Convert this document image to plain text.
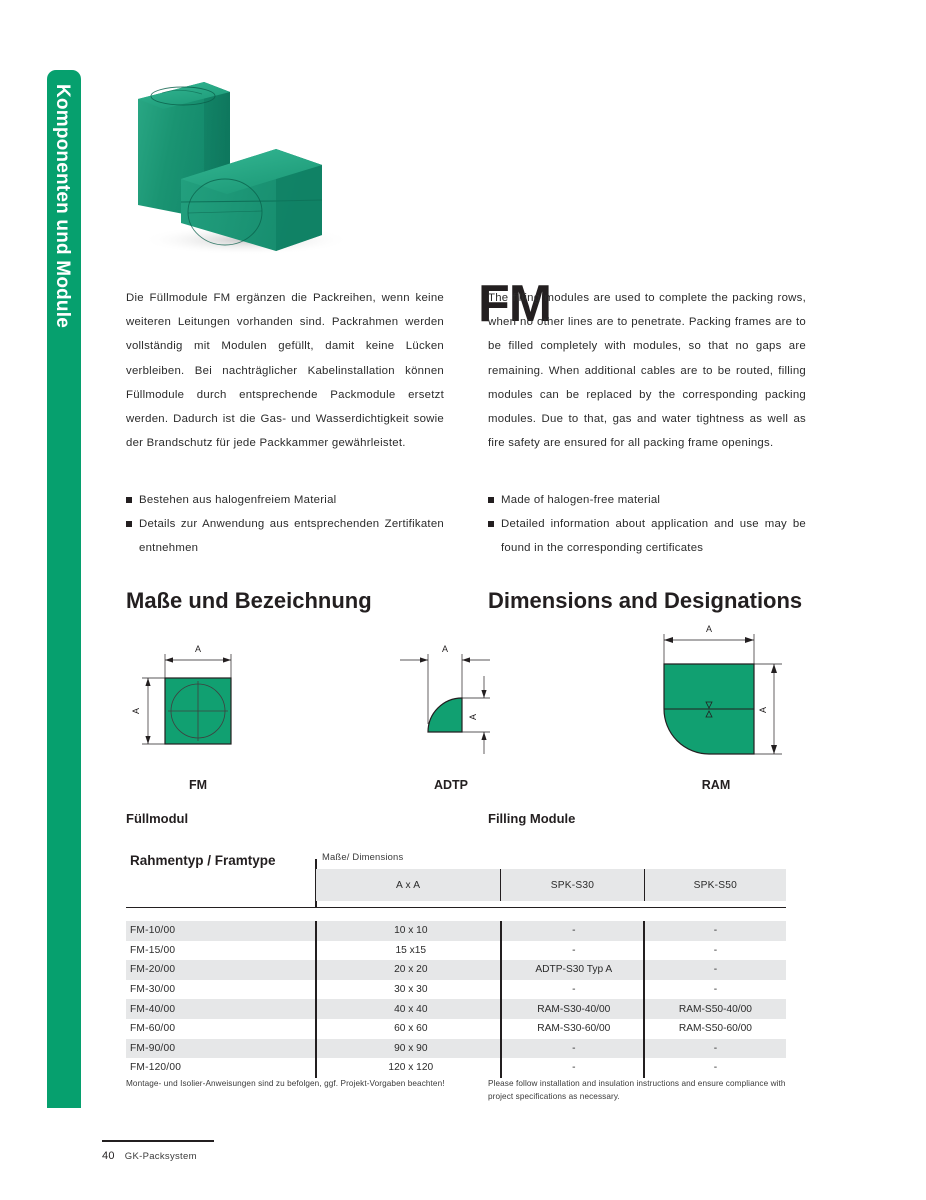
Komponenten und Module	FM

Die Füllmodule FM ergänzen die Packreihen, wenn keine weiteren Leitungen vorhanden sind. Packrahmen werden vollständig mit Modulen gefüllt, damit keine Lücken verbleiben. Bei nachträglicher Kabelinstallation können Füllmodule durch entsprechende Packmodule ersetzt werden. Dadurch ist die Gas- und Wasserdichtigkeit sowie der Brandschutz für jede Packkammer gewährleistet.

The filling modules are used to complete the packing rows, when no other lines are to penetrate. Packing frames are to be filled completely with modules, so that no gaps are remaining. When additional cables are to be routed, filling modules can be replaced by the corresponding packing modules. Due to that, gas and water tightness as well as fire safety are ensured for all packing frame openings.

Bestehen aus halogenfreiem Material
Details zur Anwendung aus entsprechenden Zertifikaten entnehmen
Made of halogen-free material
Detailed information about application and use may be found in the corresponding certificates
Maße und Bezeichnung	Dimensions and Designations
A
A
FM
A
A
ADTP
A
A
RAM
Füllmodul	Filling Module
Rahmentyp / Framtype	Maße/ Dimensions
A x A	SPK-S30	SPK-S50
FM-10/00	10 x 10	-	-
FM-15/00	15 x15	-	-
FM-20/00	20 x 20	ADTP-S30 Typ A	-
FM-30/00	30 x 30	-	-
FM-40/00	40 x 40	RAM-S30-40/00	RAM-S50-40/00
FM-60/00	60 x 60	RAM-S30-60/00	RAM-S50-60/00
FM-90/00	90 x 90	-	-
FM-120/00	120 x 120	-	-
Montage- und Isolier-Anweisungen sind zu befolgen, ggf. Projekt-Vorgaben beachten!	Please follow installation and insulation instructions and ensure compliance with project specifications as necessary.
40 GK-Packsystem
